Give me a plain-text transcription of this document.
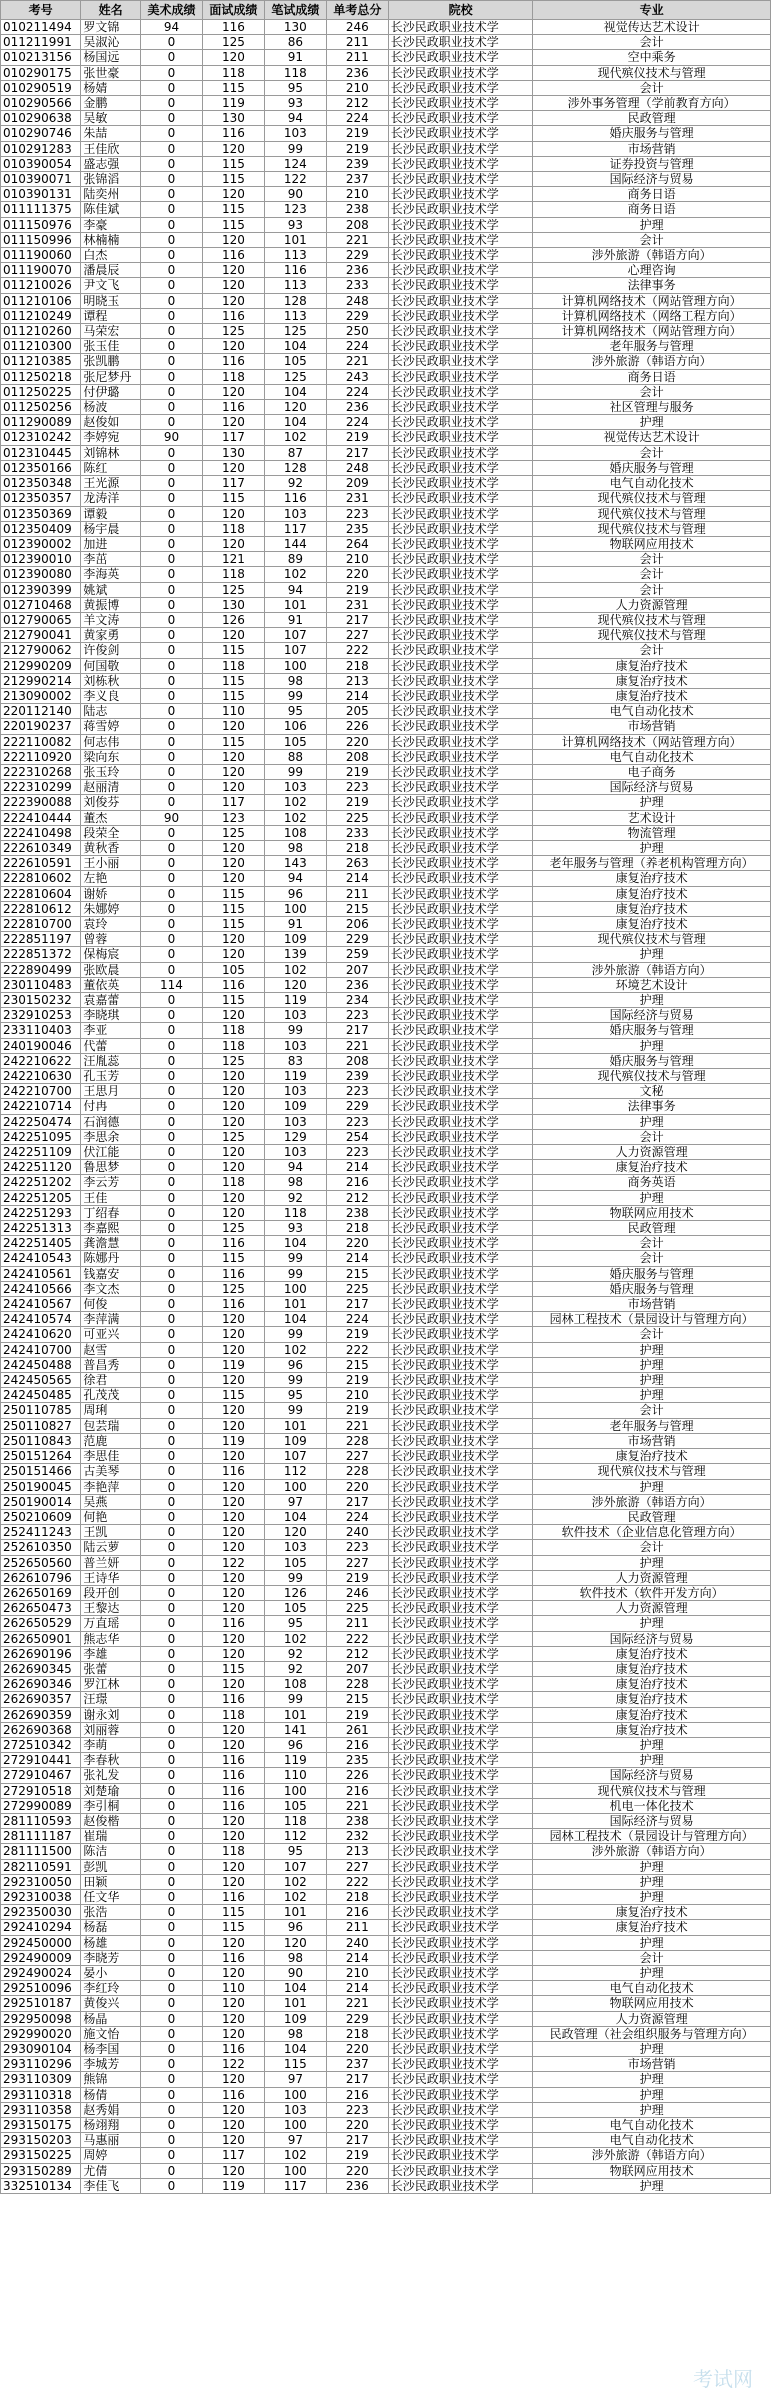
考号	姓名	美术成绩	面试成绩	笔试成绩	单考总分	院校	专业
010211494	罗文锦	94	116	130	246	长沙民政职业技术学	视觉传达艺术设计
011211991	吴淑沁	0	125	86	211	长沙民政职业技术学	会计
010213156	杨国远	0	120	91	211	长沙民政职业技术学	空中乘务
010290175	张世豪	0	118	118	236	长沙民政职业技术学	现代殡仪技术与管理
010290519	杨婧	0	115	95	210	长沙民政职业技术学	会计
010290566	金鹏	0	119	93	212	长沙民政职业技术学	涉外事务管理（学前教育方向）
010290638	吴敏	0	130	94	224	长沙民政职业技术学	民政管理
010290746	朱喆	0	116	103	219	长沙民政职业技术学	婚庆服务与管理
010291283	王佳欣	0	120	99	219	长沙民政职业技术学	市场营销
010390054	盛志强	0	115	124	239	长沙民政职业技术学	证券投资与管理
010390071	张锦滔	0	115	122	237	长沙民政职业技术学	国际经济与贸易
010390131	陆奕州	0	120	90	210	长沙民政职业技术学	商务日语
011111375	陈佳斌	0	115	123	238	长沙民政职业技术学	商务日语
011150976	李豪	0	115	93	208	长沙民政职业技术学	护理
011150996	林楠楠	0	120	101	221	长沙民政职业技术学	会计
011190060	白杰	0	116	113	229	长沙民政职业技术学	涉外旅游（韩语方向）
011190070	潘晨辰	0	120	116	236	长沙民政职业技术学	心理咨询
011210026	尹文飞	0	120	113	233	长沙民政职业技术学	法律事务
011210106	明晓玉	0	120	128	248	长沙民政职业技术学	计算机网络技术（网站管理方向）
011210249	谭程	0	116	113	229	长沙民政职业技术学	计算机网络技术（网络工程方向）
011210260	马荣宏	0	125	125	250	长沙民政职业技术学	计算机网络技术（网站管理方向）
011210300	张玉佳	0	120	104	224	长沙民政职业技术学	老年服务与管理
011210385	张凯鹏	0	116	105	221	长沙民政职业技术学	涉外旅游（韩语方向）
011250218	张尼梦丹	0	118	125	243	长沙民政职业技术学	商务日语
011250225	付伊璐	0	120	104	224	长沙民政职业技术学	会计
011250256	杨波	0	116	120	236	长沙民政职业技术学	社区管理与服务
011290089	赵俊如	0	120	104	224	长沙民政职业技术学	护理
012310242	李婷宛	90	117	102	219	长沙民政职业技术学	视觉传达艺术设计
012310445	刘锦林	0	130	87	217	长沙民政职业技术学	会计
012350166	陈红	0	120	128	248	长沙民政职业技术学	婚庆服务与管理
012350348	王光源	0	117	92	209	长沙民政职业技术学	电气自动化技术
012350357	龙涛洋	0	115	116	231	长沙民政职业技术学	现代殡仪技术与管理
012350369	谭毅	0	120	103	223	长沙民政职业技术学	现代殡仪技术与管理
012350409	杨宇晨	0	118	117	235	长沙民政职业技术学	现代殡仪技术与管理
012390002	加进	0	120	144	264	长沙民政职业技术学	物联网应用技术
012390010	李茁	0	121	89	210	长沙民政职业技术学	会计
012390080	李海英	0	118	102	220	长沙民政职业技术学	会计
012390399	姚斌	0	125	94	219	长沙民政职业技术学	会计
012710468	黄振博	0	130	101	231	长沙民政职业技术学	人力资源管理
012790065	羊文涛	0	126	91	217	长沙民政职业技术学	现代殡仪技术与管理
212790041	黄家勇	0	120	107	227	长沙民政职业技术学	现代殡仪技术与管理
212790062	许俊剑	0	115	107	222	长沙民政职业技术学	会计
212990209	何国敬	0	118	100	218	长沙民政职业技术学	康复治疗技术
212990214	刘栋秋	0	115	98	213	长沙民政职业技术学	康复治疗技术
213090002	李义良	0	115	99	214	长沙民政职业技术学	康复治疗技术
220112140	陆志	0	110	95	205	长沙民政职业技术学	电气自动化技术
220190237	蒋雪婷	0	120	106	226	长沙民政职业技术学	市场营销
222110082	何志伟	0	115	105	220	长沙民政职业技术学	计算机网络技术（网站管理方向）
222110920	梁向东	0	120	88	208	长沙民政职业技术学	电气自动化技术
222310268	张玉玲	0	120	99	219	长沙民政职业技术学	电子商务
222310299	赵丽清	0	120	103	223	长沙民政职业技术学	国际经济与贸易
222390088	刘俊芬	0	117	102	219	长沙民政职业技术学	护理
222410444	董杰	90	123	102	225	长沙民政职业技术学	艺术设计
222410498	段荣全	0	125	108	233	长沙民政职业技术学	物流管理
222610349	黄秋香	0	120	98	218	长沙民政职业技术学	护理
222610591	王小丽	0	120	143	263	长沙民政职业技术学	老年服务与管理（养老机构管理方向）
222810602	左艳	0	120	94	214	长沙民政职业技术学	康复治疗技术
222810604	谢娇	0	115	96	211	长沙民政职业技术学	康复治疗技术
222810612	朱娜婷	0	115	100	215	长沙民政职业技术学	康复治疗技术
222810700	袁玲	0	115	91	206	长沙民政职业技术学	康复治疗技术
222851197	曾蓉	0	120	109	229	长沙民政职业技术学	现代殡仪技术与管理
222851372	保梅宸	0	120	139	259	长沙民政职业技术学	护理
222890499	张欧晨	0	105	102	207	长沙民政职业技术学	涉外旅游（韩语方向）
230110483	董依英	114	116	120	236	长沙民政职业技术学	环境艺术设计
230150232	袁嘉蕾	0	115	119	234	长沙民政职业技术学	护理
232910253	李晓琪	0	120	103	223	长沙民政职业技术学	国际经济与贸易
233110403	李亚	0	118	99	217	长沙民政职业技术学	婚庆服务与管理
240190046	代蕾	0	118	103	221	长沙民政职业技术学	护理
242210622	汪胤蕊	0	125	83	208	长沙民政职业技术学	婚庆服务与管理
242210630	孔玉芳	0	120	119	239	长沙民政职业技术学	现代殡仪技术与管理
242210700	王思月	0	120	103	223	长沙民政职业技术学	文秘
242210714	付冉	0	120	109	229	长沙民政职业技术学	法律事务
242250474	石润德	0	120	103	223	长沙民政职业技术学	护理
242251095	李思余	0	125	129	254	长沙民政职业技术学	会计
242251109	伏江能	0	120	103	223	长沙民政职业技术学	人力资源管理
242251120	鲁思梦	0	120	94	214	长沙民政职业技术学	康复治疗技术
242251202	李云芳	0	118	98	216	长沙民政职业技术学	商务英语
242251205	王佳	0	120	92	212	长沙民政职业技术学	护理
242251293	丁绍春	0	120	118	238	长沙民政职业技术学	物联网应用技术
242251313	李嘉熙	0	125	93	218	长沙民政职业技术学	民政管理
242251405	龚澹慧	0	116	104	220	长沙民政职业技术学	会计
242410543	陈娜丹	0	115	99	214	长沙民政职业技术学	会计
242410561	钱嘉安	0	116	99	215	长沙民政职业技术学	婚庆服务与管理
242410566	李文杰	0	125	100	225	长沙民政职业技术学	婚庆服务与管理
242410567	何俊	0	116	101	217	长沙民政职业技术学	市场营销
242410574	李萍满	0	120	104	224	长沙民政职业技术学	园林工程技术（景园设计与管理方向）
242410620	可亚兴	0	120	99	219	长沙民政职业技术学	会计
242410700	赵雪	0	120	102	222	长沙民政职业技术学	护理
242450488	普昌秀	0	119	96	215	长沙民政职业技术学	护理
242450565	徐君	0	120	99	219	长沙民政职业技术学	护理
242450485	孔茂茂	0	115	95	210	长沙民政职业技术学	护理
250110785	周琍	0	120	99	219	长沙民政职业技术学	会计
250110827	包芸瑞	0	120	101	221	长沙民政职业技术学	老年服务与管理
250110843	范鹿	0	119	109	228	长沙民政职业技术学	市场营销
250151264	李思佳	0	120	107	227	长沙民政职业技术学	康复治疗技术
250151466	古美琴	0	116	112	228	长沙民政职业技术学	现代殡仪技术与管理
250190045	李艳萍	0	120	100	220	长沙民政职业技术学	护理
250190014	吴燕	0	120	97	217	长沙民政职业技术学	涉外旅游（韩语方向）
250210609	何艳	0	120	104	224	长沙民政职业技术学	民政管理
252411243	王凯	0	120	120	240	长沙民政职业技术学	软件技术（企业信息化管理方向）
252610350	陆云萝	0	120	103	223	长沙民政职业技术学	会计
252650560	普兰妍	0	122	105	227	长沙民政职业技术学	护理
262610796	王诗华	0	120	99	219	长沙民政职业技术学	人力资源管理
262650169	段开创	0	120	126	246	长沙民政职业技术学	软件技术（软件开发方向）
262650473	王黎达	0	120	105	225	长沙民政职业技术学	人力资源管理
262650529	万直瑶	0	116	95	211	长沙民政职业技术学	护理
262650901	熊志华	0	120	102	222	长沙民政职业技术学	国际经济与贸易
262690196	李雄	0	120	92	212	长沙民政职业技术学	康复治疗技术
262690345	张蕾	0	115	92	207	长沙民政职业技术学	康复治疗技术
262690346	罗江林	0	120	108	228	长沙民政职业技术学	康复治疗技术
262690357	汪璟	0	116	99	215	长沙民政职业技术学	康复治疗技术
262690359	谢永刘	0	118	101	219	长沙民政职业技术学	康复治疗技术
262690368	刘丽蓉	0	120	141	261	长沙民政职业技术学	康复治疗技术
272510342	李萌	0	120	96	216	长沙民政职业技术学	护理
272910441	李春秋	0	116	119	235	长沙民政职业技术学	护理
272910467	张礼发	0	116	110	226	长沙民政职业技术学	国际经济与贸易
272910518	刘楚瑜	0	116	100	216	长沙民政职业技术学	现代殡仪技术与管理
272990089	李引桐	0	116	105	221	长沙民政职业技术学	机电一体化技术
281110593	赵俊楷	0	120	118	238	长沙民政职业技术学	国际经济与贸易
281111187	崔瑞	0	120	112	232	长沙民政职业技术学	园林工程技术（景园设计与管理方向）
281111500	陈洁	0	118	95	213	长沙民政职业技术学	涉外旅游（韩语方向）
282110591	彭凯	0	120	107	227	长沙民政职业技术学	护理
292310050	田颖	0	120	102	222	长沙民政职业技术学	护理
292310038	任文华	0	116	102	218	长沙民政职业技术学	护理
292350030	张浩	0	115	101	216	长沙民政职业技术学	康复治疗技术
292410294	杨磊	0	115	96	211	长沙民政职业技术学	康复治疗技术
292450000	杨雄	0	120	120	240	长沙民政职业技术学	护理
292490009	李晓芳	0	116	98	214	长沙民政职业技术学	会计
292490024	晏小	0	120	90	210	长沙民政职业技术学	护理
292510096	李红玲	0	110	104	214	长沙民政职业技术学	电气自动化技术
292510187	黄俊兴	0	120	101	221	长沙民政职业技术学	物联网应用技术
292950098	杨晶	0	120	109	229	长沙民政职业技术学	人力资源管理
292990020	施文怡	0	120	98	218	长沙民政职业技术学	民政管理（社会组织服务与管理方向）
293090104	杨李国	0	116	104	220	长沙民政职业技术学	护理
293110296	李城芳	0	122	115	237	长沙民政职业技术学	市场营销
293110309	熊锦	0	120	97	217	长沙民政职业技术学	护理
293110318	杨倩	0	116	100	216	长沙民政职业技术学	护理
293110358	赵秀娟	0	120	103	223	长沙民政职业技术学	护理
293150175	杨翊翔	0	120	100	220	长沙民政职业技术学	电气自动化技术
293150203	马惠丽	0	120	97	217	长沙民政职业技术学	电气自动化技术
293150225	周婷	0	117	102	219	长沙民政职业技术学	涉外旅游（韩语方向）
293150289	尤倩	0	120	100	220	长沙民政职业技术学	物联网应用技术
332510134	李佳飞	0	119	117	236	长沙民政职业技术学	护理
考试网
